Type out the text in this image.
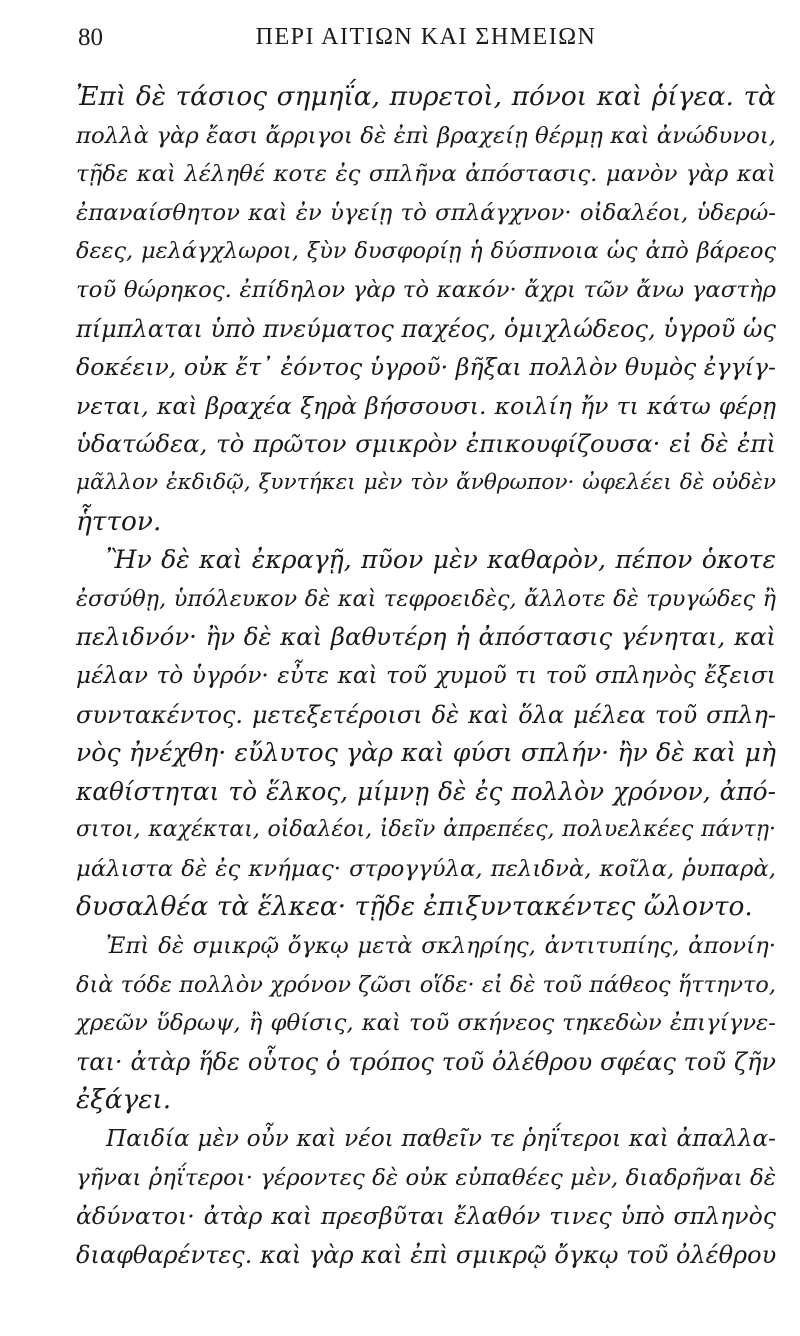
80	ΠΕΡΙ ΑΙΤΙΩΝ ΚΑΙ ΣΗΜΕΙΩΝ
Ἐπὶ δὲ τάσιος σημηΐα, πυρετοὶ, πόνοι καὶ ῥίγεα. τὰ
πολλὰ γὰρ ἔασι ἄρριγοι δὲ ἐπὶ βραχείῃ θέρμῃ καὶ ἀνώδυνοι,
τῇδε καὶ λέληθέ κοτε ἐς σπλῆνα ἀπόστασις. μανὸν γὰρ καὶ
ἐπαναίσθητον καὶ ἐν ὑγείῃ τὸ σπλάγχνον· οἰδαλέοι, ὑδερώ-
δεες, μελάγχλωροι, ξὺν δυσφορίῃ ἡ δύσπνοια ὡς ἀπὸ βάρεος
τοῦ θώρηκος. ἐπίδηλον γὰρ τὸ κακόν· ἄχρι τῶν ἄνω γαστὴρ
πίμπλαται ὑπὸ πνεύματος παχέος, ὁμιχλώδεος, ὑγροῦ ὡς
δοκέειν, οὐκ ἔτ᾽ ἐόντος ὑγροῦ· βῆξαι πολλὸν θυμὸς ἐγγίγ-
νεται, καὶ βραχέα ξηρὰ βήσσουσι. κοιλίη ἤν τι κάτω φέρῃ
ὑδατώδεα, τὸ πρῶτον σμικρὸν ἐπικουφίζουσα· εἰ δὲ ἐπὶ
μᾶλλον ἐκδιδῷ, ξυντήκει μὲν τὸν ἄνθρωπον· ὠφελέει δὲ οὐδὲν
ἧττον.
Ἢν δὲ καὶ ἐκραγῇ, πῦον μὲν καθαρὸν, πέπον ὁκοτε
ἐσσύθῃ, ὑπόλευκον δὲ καὶ τεφροειδὲς, ἄλλοτε δὲ τρυγώδες ἢ
πελιδνόν· ἢν δὲ καὶ βαθυτέρη ἡ ἀπόστασις γένηται, καὶ
μέλαν τὸ ὑγρόν· εὖτε καὶ τοῦ χυμοῦ τι τοῦ σπληνὸς ἔξεισι
συντακέντος. μετεξετέροισι δὲ καὶ ὅλα μέλεα τοῦ σπλη-
νὸς ἠνέχθη· εὔλυτος γὰρ καὶ φύσι σπλήν· ἢν δὲ καὶ μὴ
καθίστηται τὸ ἕλκος, μίμνῃ δὲ ἐς πολλὸν χρόνον, ἀπό-
σιτοι, καχέκται, οἰδαλέοι, ἰδεῖν ἀπρεπέες, πολυελκέες πάντῃ·
μάλιστα δὲ ἐς κνήμας· στρογγύλα, πελιδνὰ, κοῖλα, ῥυπαρὰ,
δυσαλθέα τὰ ἕλκεα· τῇδε ἐπιξυντακέντες ὤλοντο.
Ἐπὶ δὲ σμικρῷ ὄγκῳ μετὰ σκληρίης, ἀντιτυπίης, ἀπονίη·
διὰ τόδε πολλὸν χρόνον ζῶσι οἵδε· εἰ δὲ τοῦ πάθεος ἥττηντο,
χρεῶν ὕδρωψ, ἢ φθίσις, καὶ τοῦ σκήνεος τηκεδὼν ἐπιγίγνε-
ται· ἀτὰρ ἥδε οὗτος ὁ τρόπος τοῦ ὀλέθρου σφέας τοῦ ζῆν
ἐξάγει.
Παιδία μὲν οὖν καὶ νέοι παθεῖν τε ῥηΐτεροι καὶ ἀπαλλα-
γῆναι ῥηΐτεροι· γέροντες δὲ οὐκ εὐπαθέες μὲν, διαδρῆναι δὲ
ἀδύνατοι· ἀτὰρ καὶ πρεσβῦται ἔλαθόν τινες ὑπὸ σπληνὸς
διαφθαρέντες. καὶ γὰρ καὶ ἐπὶ σμικρῷ ὄγκῳ τοῦ ὀλέθρου
